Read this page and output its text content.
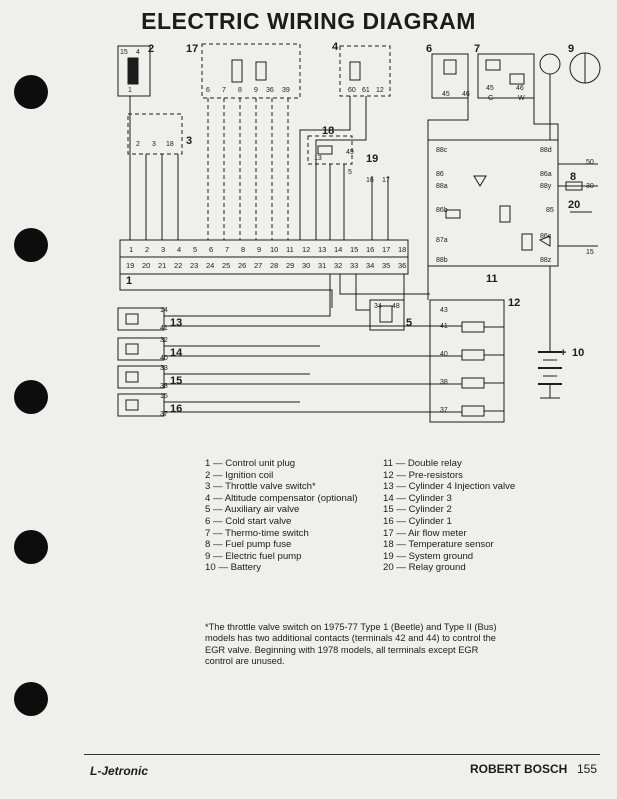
ELECTRIC WIRING DIAGRAM
1
2
3
4
5
6	7
8
9
10
11
12
13
14
15
16
17
18
19
20
+
1 2 3 4 5 6 7 8 9 10 11 12 13 14 15 16 17 18
19 20 21 22 23 24 25 26 27 28 29 30 31 32 33 34 35 36
15 4
1
2 3 18
6 7 8 9 36 39	60 61 12
45 46
45	46
G	W
88c
86
88a
86b
87a
88b
88d
86a
88y
85
86c
88z
50
30
15
13
49
5
16 17
34 48
43
41
40
38
37
14
41
32
40
33
38
15
37
1 — Control unit plug
2 — Ignition coil
3 — Throttle valve switch*
4 — Altitude compensator (optional)
5 — Auxiliary air valve
6 — Cold start valve
7 — Thermo-time switch
8 — Fuel pump fuse
9 — Electric fuel pump
10 — Battery
11 — Double relay
12 — Pre-resistors
13 — Cylinder 4 Injection valve
14 — Cylinder 3
15 — Cylinder 2
16 — Cylinder 1
17 — Air flow meter
18 — Temperature sensor
19 — System ground
20 — Relay ground
*The throttle valve switch on 1975-77 Type 1 (Beetle) and Type II (Bus) models has two additional contacts (terminals 42 and 44) to control the EGR valve. Beginning with 1978 models, all terminals except EGR control are unused.
L-Jetronic	ROBERT BOSCH 155
